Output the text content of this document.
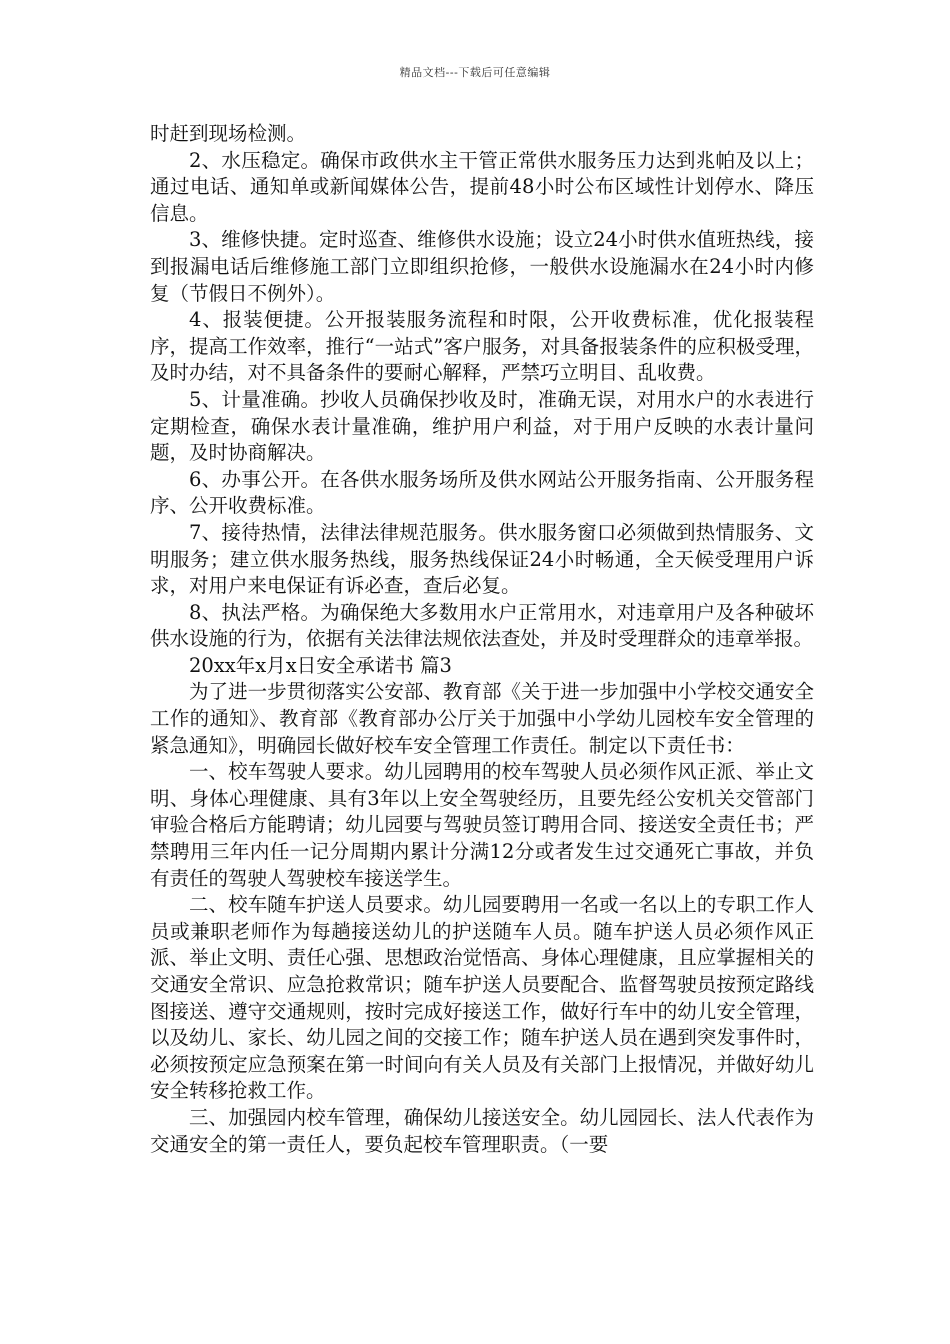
精品文档---下载后可任意编辑

时赶到现场检测。

2、水压稳定。确保市政供水主干管正常供水服务压力达到兆帕及以上；通过电话、通知单或新闻媒体公告，提前48小时公布区域性计划停水、降压信息。

3、维修快捷。定时巡查、维修供水设施；设立24小时供水值班热线，接到报漏电话后维修施工部门立即组织抢修，一般供水设施漏水在24小时内修复（节假日不例外）。

4、报装便捷。公开报装服务流程和时限，公开收费标准，优化报装程序，提高工作效率，推行“一站式”客户服务，对具备报装条件的应积极受理，及时办结，对不具备条件的要耐心解释，严禁巧立明目、乱收费。

5、计量准确。抄收人员确保抄收及时，准确无误，对用水户的水表进行定期检查，确保水表计量准确，维护用户利益，对于用户反映的水表计量问题，及时协商解决。

6、办事公开。在各供水服务场所及供水网站公开服务指南、公开服务程序、公开收费标准。

7、接待热情，法律法律规范服务。供水服务窗口必须做到热情服务、文明服务；建立供水服务热线，服务热线保证24小时畅通，全天候受理用户诉求，对用户来电保证有诉必查，查后必复。

8、执法严格。为确保绝大多数用水户正常用水，对违章用户及各种破坏供水设施的行为，依据有关法律法规依法查处，并及时受理群众的违章举报。

20xx年x月x日安全承诺书 篇3

为了进一步贯彻落实公安部、教育部《关于进一步加强中小学校交通安全工作的通知》、教育部《教育部办公厅关于加强中小学幼儿园校车安全管理的紧急通知》，明确园长做好校车安全管理工作责任。制定以下责任书：

一、校车驾驶人要求。幼儿园聘用的校车驾驶人员必须作风正派、举止文明、身体心理健康、具有3年以上安全驾驶经历，且要先经公安机关交管部门审验合格后方能聘请；幼儿园要与驾驶员签订聘用合同、接送安全责任书；严禁聘用三年内任一记分周期内累计分满12分或者发生过交通死亡事故，并负有责任的驾驶人驾驶校车接送学生。

二、校车随车护送人员要求。幼儿园要聘用一名或一名以上的专职工作人员或兼职老师作为每趟接送幼儿的护送随车人员。随车护送人员必须作风正派、举止文明、责任心强、思想政治觉悟高、身体心理健康，且应掌握相关的交通安全常识、应急抢救常识；随车护送人员要配合、监督驾驶员按预定路线图接送、遵守交通规则，按时完成好接送工作，做好行车中的幼儿安全管理，以及幼儿、家长、幼儿园之间的交接工作；随车护送人员在遇到突发事件时，必须按预定应急预案在第一时间向有关人员及有关部门上报情况，并做好幼儿安全转移抢救工作。

三、加强园内校车管理，确保幼儿接送安全。幼儿园园长、法人代表作为交通安全的第一责任人，要负起校车管理职责。（一要
